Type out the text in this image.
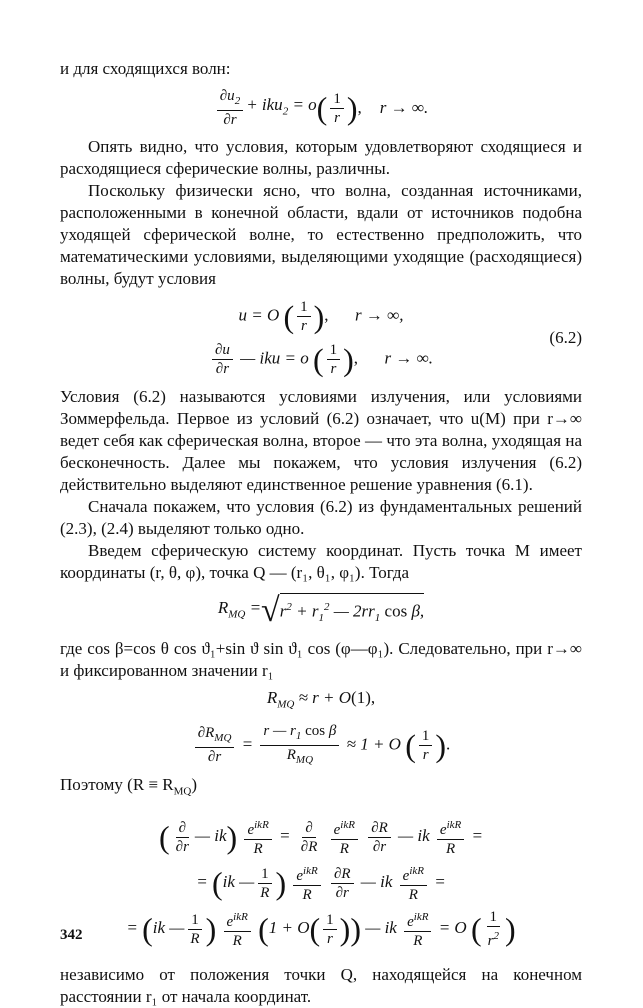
и для сходящихся волн:

$\frac{\partial u_2}{\partial r} + iku_2 = o$ ( $\frac{1}{r}$ ) , r → ∞.

Опять видно, что условия, которым удовлетворяют сходящиеся и расходящиеся сферические волны, различны.

Поскольку физически ясно, что волна, созданная источниками, расположенными в конечной области, вдали от источников подобна уходящей сферической волне, то естественно предположить, что математическими условиями, выделяющими уходящие (расходящиеся) волны, будут условия

u = O ( $\frac{1}{r}$ ), r → ∞,
$\frac{\partial u}{\partial r}$ — iku = o ( $\frac{1}{r}$ ), r → ∞.
(6.2)

Условия (6.2) называются условиями излучения, или условиями Зоммерфельда. Первое из условий (6.2) означает, что u(M) при r→∞ ведет себя как сферическая волна, второе — что эта волна, уходящая на бесконечность. Далее мы покажем, что условия излучения (6.2) действительно выделяют единственное решение уравнения (6.1).

Сначала покажем, что условия (6.2) из фундаментальных решений (2.3), (2.4) выделяют только одно.

Введем сферическую систему координат. Пусть точка M имеет координаты (r, θ, φ), точка Q — (r₁, θ₁, φ₁). Тогда

$R_{MQ}$ = √ $r^2 + r_1^2$ — $2rr_1$ cos β,

где cos β=cos θ cos ϑ₁+sin ϑ sin ϑ₁ cos (φ—φ₁). Следовательно, при r→∞ и фиксированном значении r₁

$R_{MQ} \approx r + O(1)$,
$\frac{\partial R_{MQ}}{\partial r} = \frac{r — r_1 \cos \beta}{R_{MQ}} \approx 1 + O$ ( $\frac{1}{r}$ ).

Поэтому $(R \equiv R_{MQ})$

( $\frac{\partial}{\partial r}$ — $ik) \frac{e^{ikR}}{R} = \frac{\partial}{\partial R}$
$\frac{e^{ikR}}{R}$
$\frac{\partial R}{\partial r}$ — ik $\frac{e^{ikR}}{R}$ =
= (ik — $\frac{1}{R}$ ) $\frac{e^{ikR}}{R}$
$\frac{\partial R}{\partial r}$ — ik $\frac{e^{ikR}}{R}$ =
= (ik — $\frac{1}{R}$ ) $\frac{e^{ikR}}{R} (1 + O( \frac{1}{r}$ )) — ik $\frac{e^{ikR}}{R} = O$ ( $\frac{1}{r^2}$ )

независимо от положения точки Q, находящейся на конечном расстоянии r₁ от начала координат.

342
